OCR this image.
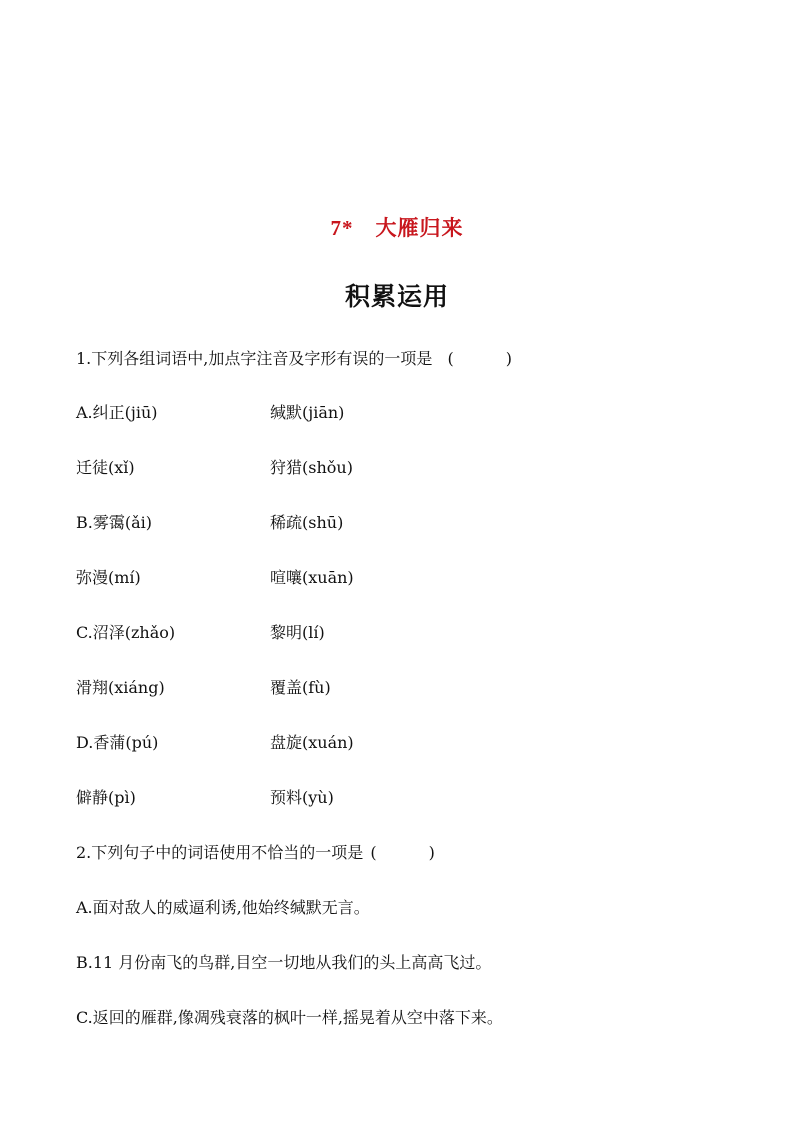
7* 大雁归来
积累运用
1.下列各组词语中,加点字注音及字形有误的一项是 (	)
A.纠正(jiū)	缄默(jiān)
迁徒(xǐ)	狩猎(shǒu)
B.雾霭(ǎi)	稀疏(shū)
弥漫(mí)	喧嚷(xuān)
C.沼泽(zhǎo)	黎明(lí)
滑翔(xiáng)	覆盖(fù)
D.香蒲(pú)	盘旋(xuán)
僻静(pì)	预料(yù)
2.下列句子中的词语使用不恰当的一项是 (	)
A.面对敌人的威逼利诱,他始终缄默无言。
B.11 月份南飞的鸟群,目空一切地从我们的头上高高飞过。
C.返回的雁群,像凋残衰落的枫叶一样,摇晃着从空中落下来。
